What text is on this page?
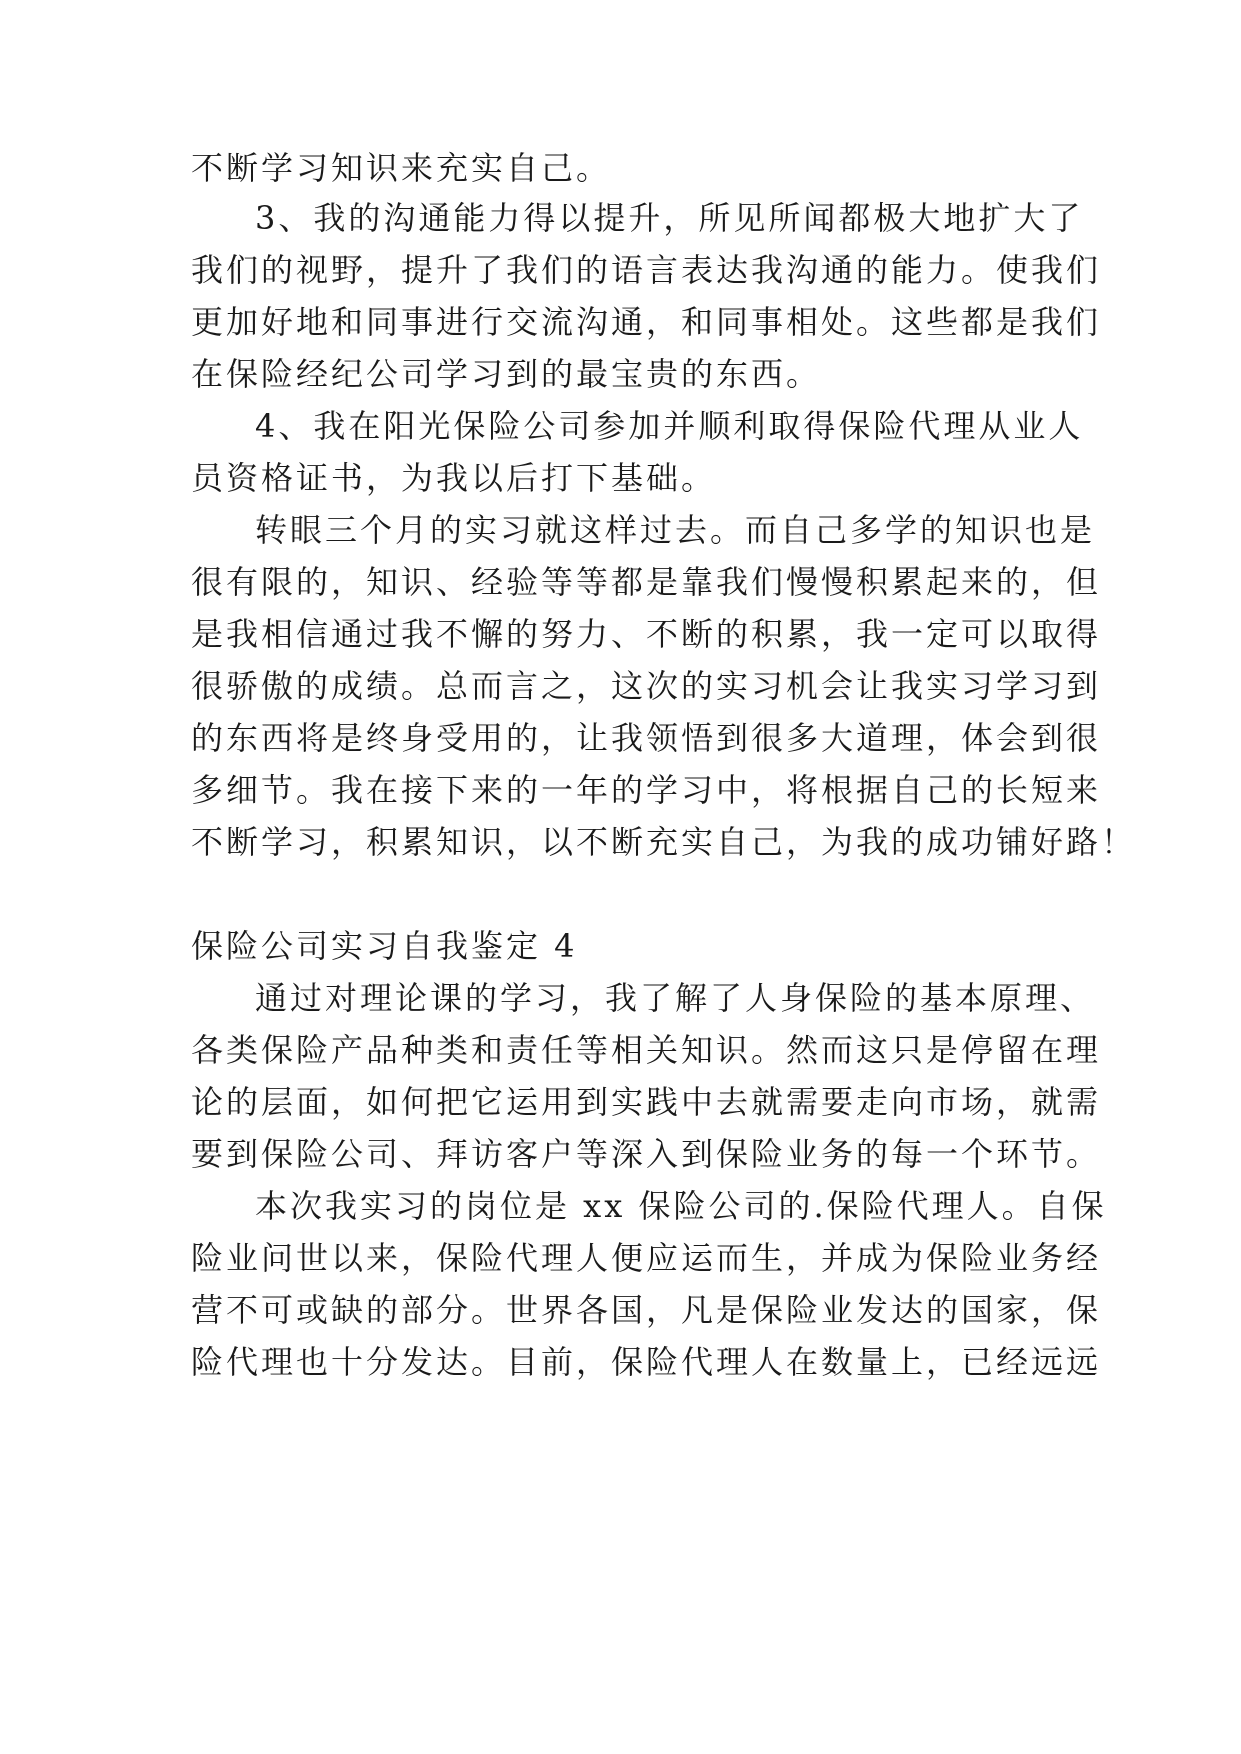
不断学习知识来充实自己。
3、我的沟通能力得以提升，所见所闻都极大地扩大了
我们的视野，提升了我们的语言表达我沟通的能力。使我们
更加好地和同事进行交流沟通，和同事相处。这些都是我们
在保险经纪公司学习到的最宝贵的东西。
4、我在阳光保险公司参加并顺利取得保险代理从业人
员资格证书，为我以后打下基础。
转眼三个月的实习就这样过去。而自己多学的知识也是
很有限的，知识、经验等等都是靠我们慢慢积累起来的，但
是我相信通过我不懈的努力、不断的积累，我一定可以取得
很骄傲的成绩。总而言之，这次的实习机会让我实习学习到
的东西将是终身受用的，让我领悟到很多大道理，体会到很
多细节。我在接下来的一年的学习中，将根据自己的长短来
不断学习，积累知识，以不断充实自己，为我的成功铺好路！
保险公司实习自我鉴定 4
通过对理论课的学习，我了解了人身保险的基本原理、
各类保险产品种类和责任等相关知识。然而这只是停留在理
论的层面，如何把它运用到实践中去就需要走向市场，就需
要到保险公司、拜访客户等深入到保险业务的每一个环节。
本次我实习的岗位是 xx 保险公司的.保险代理人。自保
险业问世以来，保险代理人便应运而生，并成为保险业务经
营不可或缺的部分。世界各国，凡是保险业发达的国家，保
险代理也十分发达。目前，保险代理人在数量上，已经远远
